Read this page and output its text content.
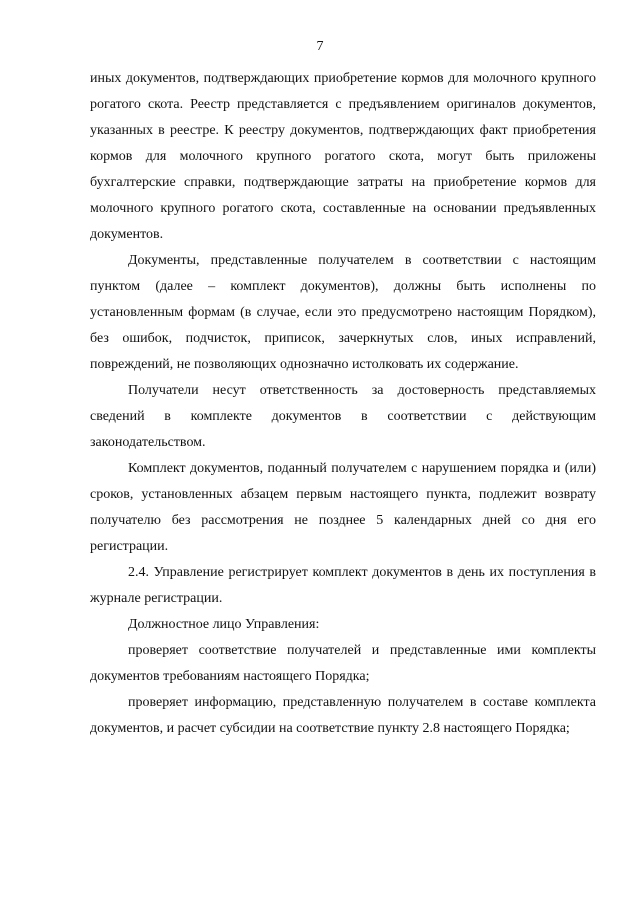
7

иных документов, подтверждающих приобретение кормов для молочного крупного рогатого скота. Реестр представляется с предъявлением оригиналов документов, указанных в реестре. К реестру документов, подтверждающих факт приобретения кормов для молочного крупного рогатого скота, могут быть приложены бухгалтерские справки, подтверждающие затраты на приобретение кормов для молочного крупного рогатого скота, составленные на основании предъявленных документов.

Документы, представленные получателем в соответствии с настоящим пунктом (далее – комплект документов), должны быть исполнены по установленным формам (в случае, если это предусмотрено настоящим Порядком), без ошибок, подчисток, приписок, зачеркнутых слов, иных исправлений, повреждений, не позволяющих однозначно истолковать их содержание.

Получатели несут ответственность за достоверность представляемых сведений в комплекте документов в соответствии с действующим законодательством.

Комплект документов, поданный получателем с нарушением порядка и (или) сроков, установленных абзацем первым настоящего пункта, подлежит возврату получателю без рассмотрения не позднее 5 календарных дней со дня его регистрации.

2.4. Управление регистрирует комплект документов в день их поступления в журнале регистрации.

Должностное лицо Управления:

проверяет соответствие получателей и представленные ими комплекты документов требованиям настоящего Порядка;

проверяет информацию, представленную получателем в составе комплекта документов, и расчет субсидии на соответствие пункту 2.8 настоящего Порядка;
